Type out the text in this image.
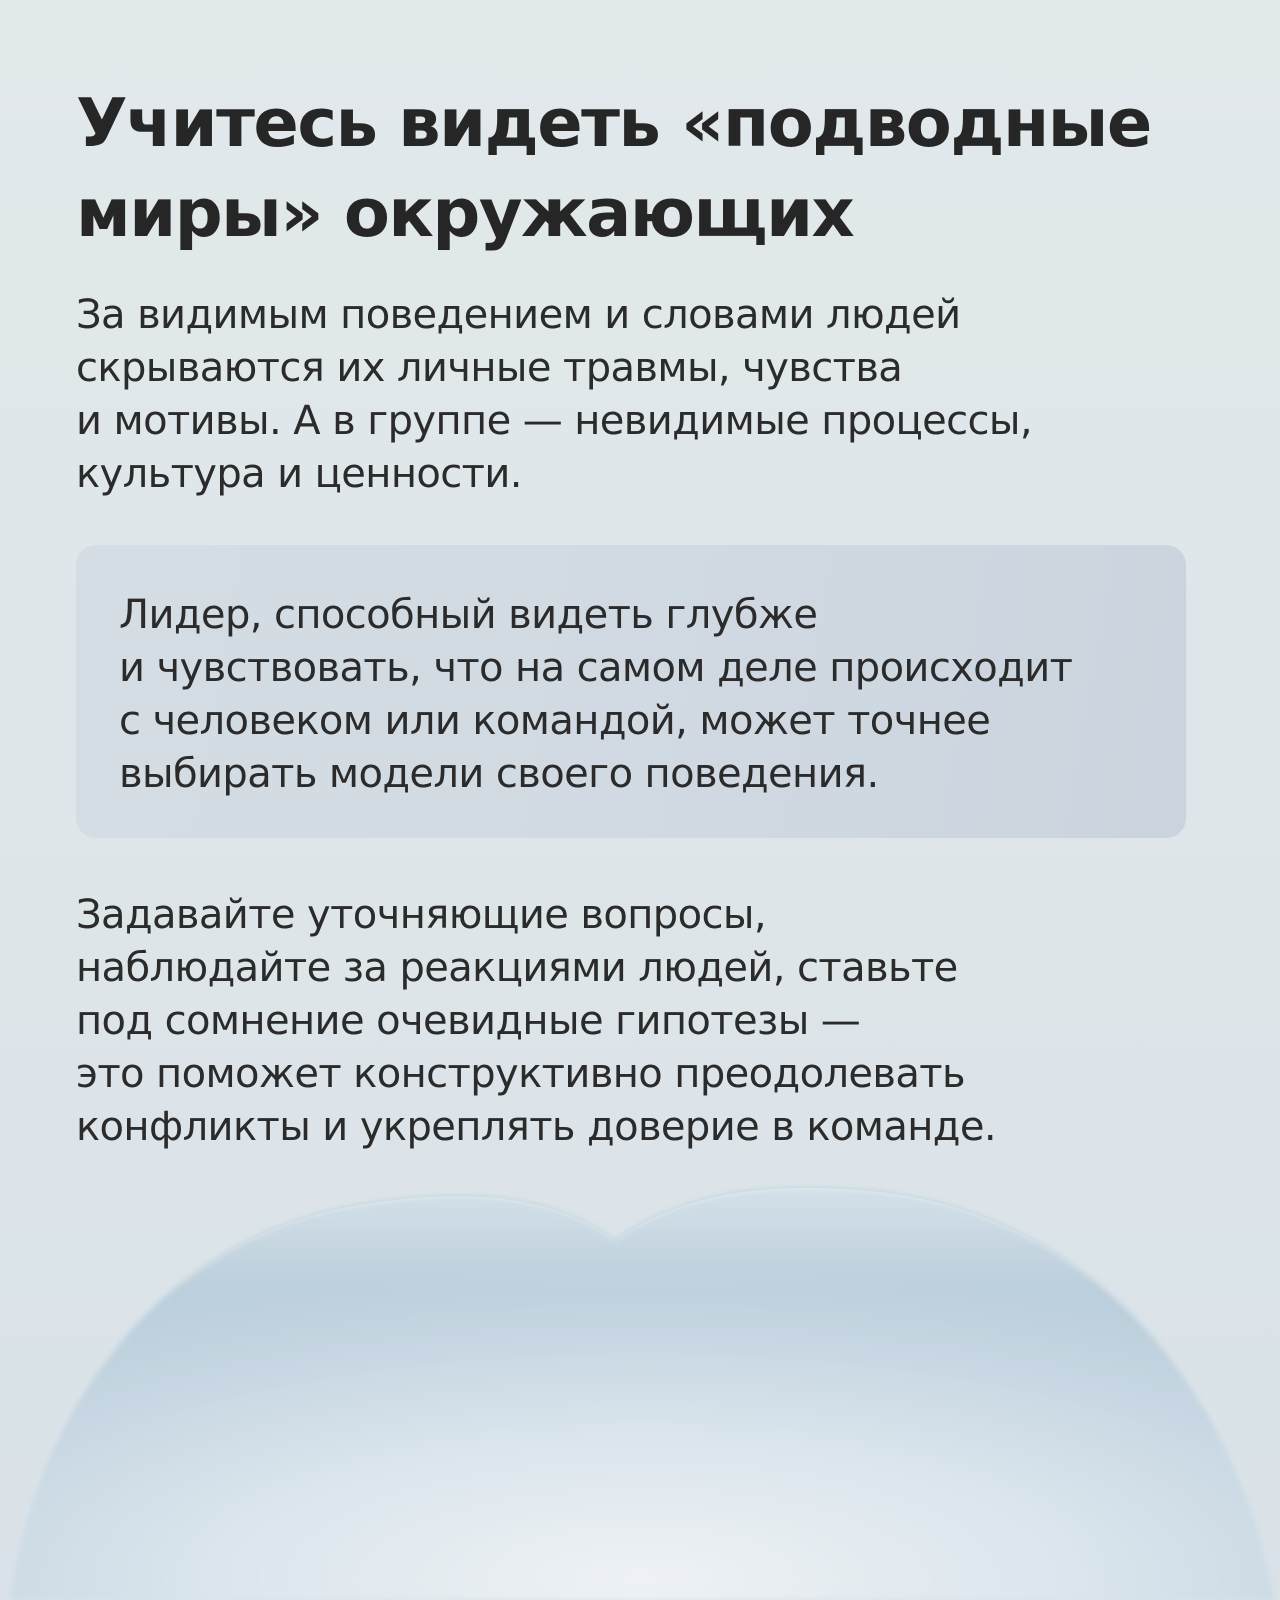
Учитесь видеть «подводные
миры» окружающих

За видимым поведением и словами людей
скрываются их личные травмы, чувства
и мотивы. А в группе — невидимые процессы,
культура и ценности.

Лидер, способный видеть глубже
и чувствовать, что на самом деле происходит
с человеком или командой, может точнее
выбирать модели своего поведения.

Задавайте уточняющие вопросы,
наблюдайте за реакциями людей, ставьте
под сомнение очевидные гипотезы —
это поможет конструктивно преодолевать
конфликты и укреплять доверие в команде.
